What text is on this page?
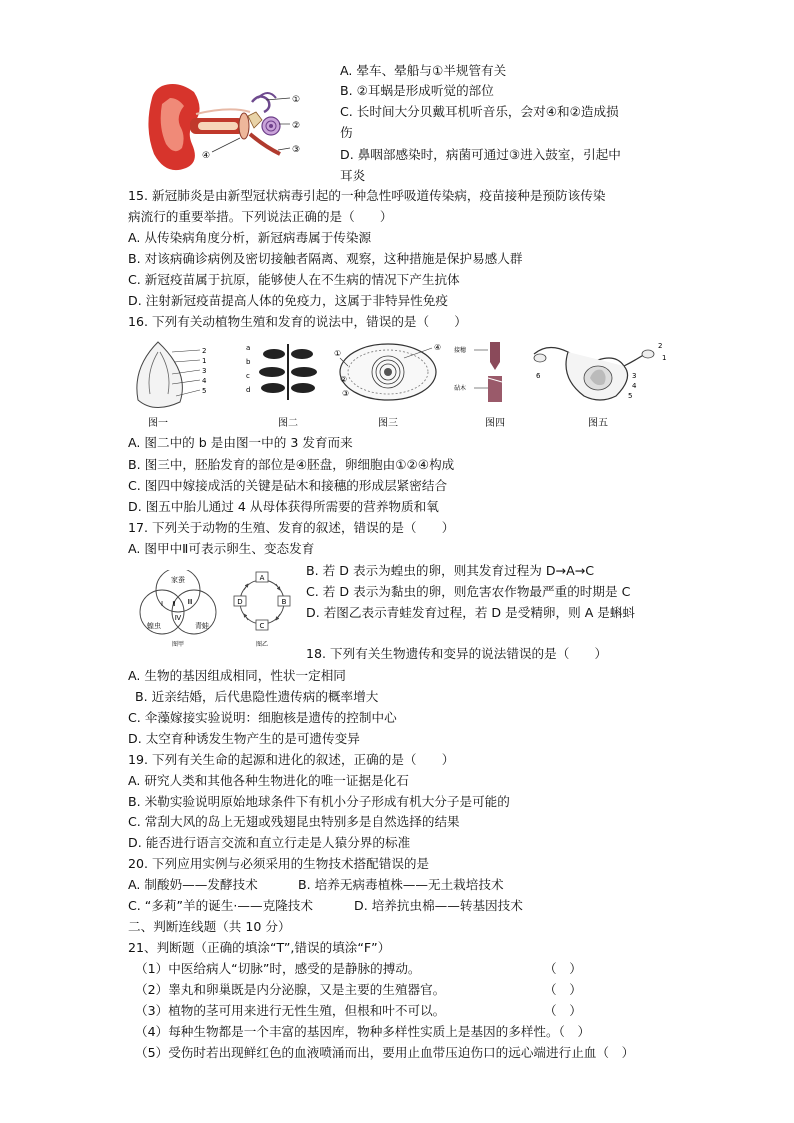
①
②
③
④
A. 晕车、晕船与①半规管有关
B. ②耳蜗是形成听觉的部位
C. 长时间大分贝戴耳机听音乐，会对④和②造成损
伤
D. 鼻咽部感染时，病菌可通过③进入鼓室，引起中
耳炎
15. 新冠肺炎是由新型冠状病毒引起的一种急性呼吸道传染病，疫苗接种是预防该传染
病流行的重要举措。下列说法正确的是（　　）
A. 从传染病角度分析，新冠病毒属于传染源
B. 对该病确诊病例及密切接触者隔离、观察，这种措施是保护易感人群
C. 新冠疫苗属于抗原，能够使人在不生病的情况下产生抗体
D. 注射新冠疫苗提高人体的免疫力，这属于非特异性免疫
16. 下列有关动植物生殖和发育的说法中，错误的是（　　）
2
1
3
4
5
图一
a
b
c
d
图二
④
①
②
③
图三
接穗
砧木
图四
2
1
3
4
5
6
图五
A. 图二中的 b 是由图一中的 3 发育而来
B. 图三中，胚胎发育的部位是④胚盘，卵细胞由①②④构成
C. 图四中嫁接成活的关键是砧木和接穗的形成层紧密结合
D. 图五中胎儿通过 4 从母体获得所需要的营养物质和氧
17. 下列关于动物的生殖、发育的叙述，错误的是（　　）
A. 图甲中Ⅱ可表示卵生、变态发育
家蚕
蝗虫	青蛙
Ⅰ Ⅱ Ⅲ
Ⅳ
图甲
A
B
C
D
图乙
B. 若 D 表示为蝗虫的卵，则其发育过程为 D→A→C
C. 若 D 表示为黏虫的卵，则危害农作物最严重的时期是 C
D. 若图乙表示青蛙发育过程，若 D 是受精卵，则 A 是蝌蚪
18. 下列有关生物遗传和变异的说法错误的是（　　）
A. 生物的基因组成相同，性状一定相同
B. 近亲结婚，后代患隐性遗传病的概率增大
C. 伞藻嫁接实验说明：细胞核是遗传的控制中心
D. 太空育种诱发生物产生的是可遗传变异
19. 下列有关生命的起源和进化的叙述，正确的是（　　）
A. 研究人类和其他各种生物进化的唯一证据是化石
B. 米勒实验说明原始地球条件下有机小分子形成有机大分子是可能的
C. 常刮大风的岛上无翅或残翅昆虫特别多是自然选择的结果
D. 能否进行语言交流和直立行走是人猿分界的标准
20. 下列应用实例与必须采用的生物技术搭配错误的是
A. 制酸奶——发酵技术	B. 培养无病毒植株——无土栽培技术
C. “多莉”羊的诞生·——克隆技术	D. 培养抗虫棉——转基因技术
二、判断连线题（共 10 分）
21、判断题（正确的填涂“T”,错误的填涂“F”）
（1）中医给病人“切脉”时，感受的是静脉的搏动。	（　）
（2）睾丸和卵巢既是内分泌腺，又是主要的生殖器官。	（　）
（3）植物的茎可用来进行无性生殖，但根和叶不可以。	（　）
（4）每种生物都是一个丰富的基因库，物种多样性实质上是基因的多样性。（　）
（5）受伤时若出现鲜红色的血液喷涌而出，要用止血带压迫伤口的远心端进行止血（　）
